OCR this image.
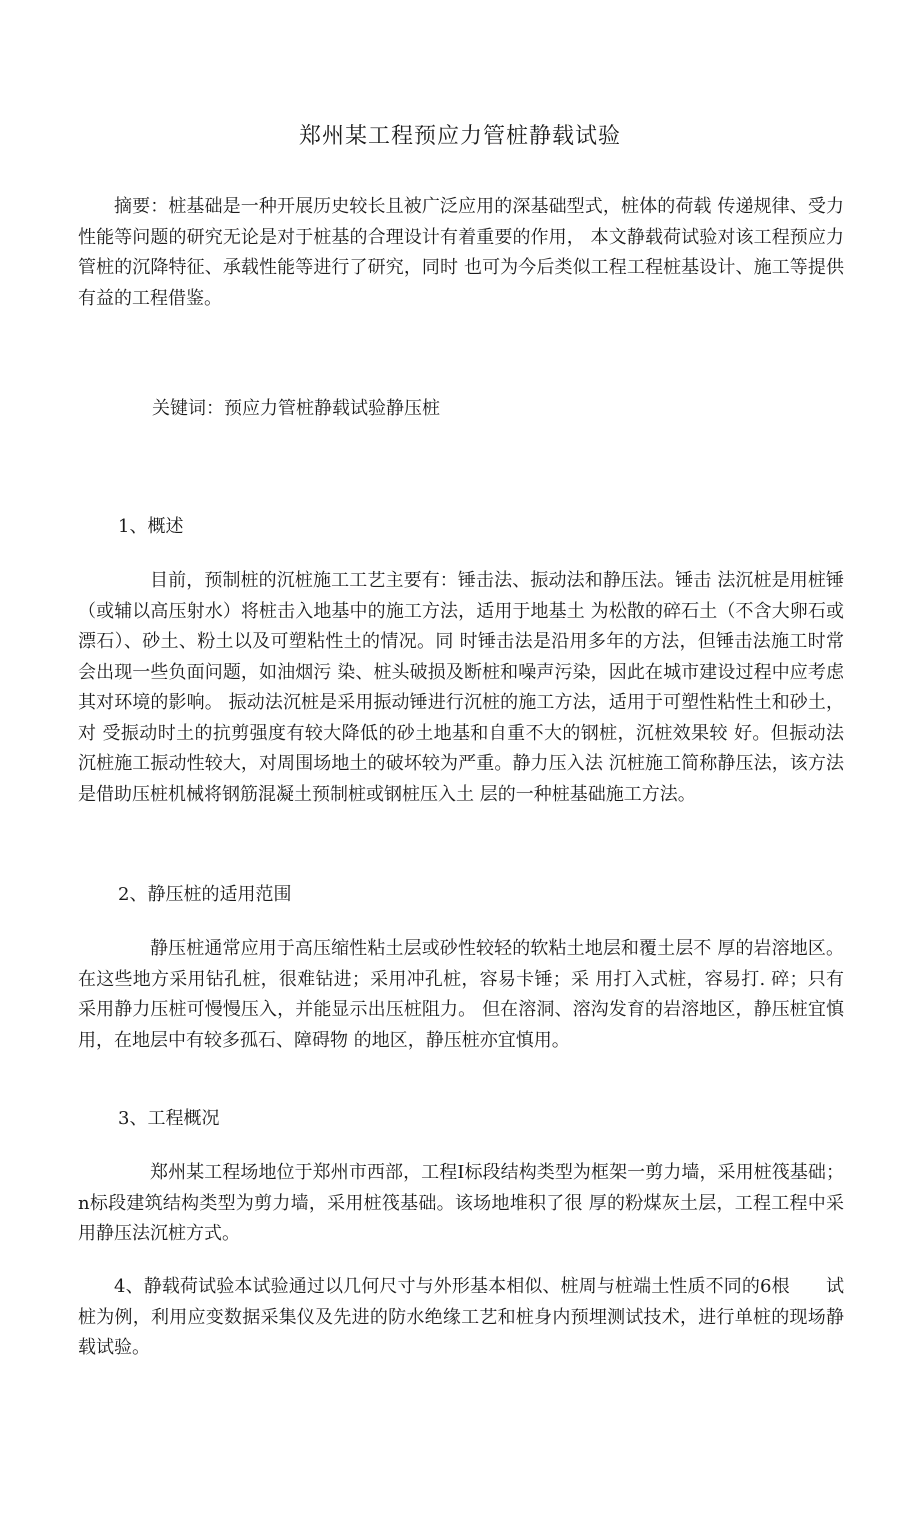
郑州某工程预应力管桩静载试验

摘要：桩基础是一种开展历史较长且被广泛应用的深基础型式，桩体的荷载 传递规律、受力性能等问题的研究无论是对于桩基的合理设计有着重要的作用， 本文静载荷试验对该工程预应力管桩的沉降特征、承载性能等进行了研究，同时 也可为今后类似工程工程桩基设计、施工等提供有益的工程借鉴。

关键词：预应力管桩静载试验静压桩

1、概述

目前，预制桩的沉桩施工工艺主要有：锤击法、振动法和静压法。锤击 法沉桩是用桩锤（或辅以高压射水）将桩击入地基中的施工方法，适用于地基土 为松散的碎石土（不含大卵石或漂石）、砂土、粉土以及可塑粘性土的情况。同 时锤击法是沿用多年的方法，但锤击法施工时常会出现一些负面问题，如油烟污 染、桩头破损及断桩和噪声污染，因此在城市建设过程中应考虑其对环境的影响。 振动法沉桩是采用振动锤进行沉桩的施工方法，适用于可塑性粘性土和砂土，对 受振动时土的抗剪强度有较大降低的砂土地基和自重不大的钢桩，沉桩效果较 好。但振动法沉桩施工振动性较大，对周围场地土的破坏较为严重。静力压入法 沉桩施工简称静压法，该方法是借助压桩机械将钢筋混凝土预制桩或钢桩压入土 层的一种桩基础施工方法。

2、静压桩的适用范围

静压桩通常应用于高压缩性粘土层或砂性较轻的软粘土地层和覆土层不 厚的岩溶地区。在这些地方采用钻孔桩，很难钻进；采用冲孔桩，容易卡锤；采 用打入式桩，容易打. 碎；只有采用静力压桩可慢慢压入，并能显示出压桩阻力。 但在溶洞、溶沟发育的岩溶地区，静压桩宜慎用，在地层中有较多孤石、障碍物 的地区，静压桩亦宜慎用。

3、工程概况

郑州某工程场地位于郑州市西部，工程I标段结构类型为框架一剪力墙，采用桩筏基础；n标段建筑结构类型为剪力墙，采用桩筏基础。该场地堆积了很 厚的粉煤灰土层，工程工程中采用静压法沉桩方式。

4、静载荷试验本试验通过以几何尺寸与外形基本相似、桩周与桩端土性质不同的6根　　试桩为例，利用应变数据采集仪及先进的防水绝缘工艺和桩身内预埋测试技术，进行单桩的现场静载试验。
